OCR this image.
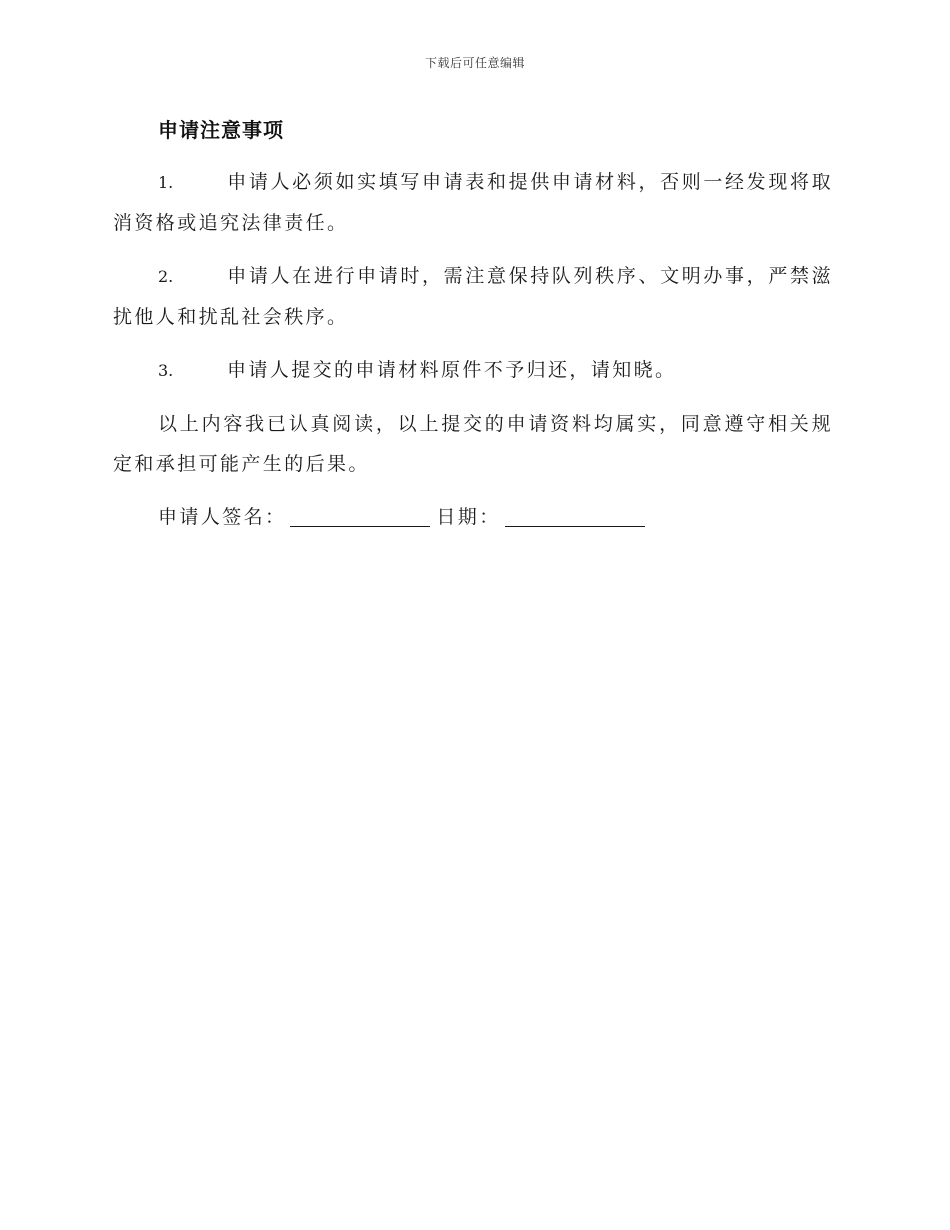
下载后可任意编辑
申请注意事项

1.	申请人必须如实填写申请表和提供申请材料，否则一经发现将取消资格或追究法律责任。

2.	申请人在进行申请时，需注意保持队列秩序、文明办事，严禁滋扰他人和扰乱社会秩序。

3.	申请人提交的申请材料原件不予归还，请知晓。

以上内容我已认真阅读，以上提交的申请资料均属实，同意遵守相关规定和承担可能产生的后果。

申请人签名：	日期：
